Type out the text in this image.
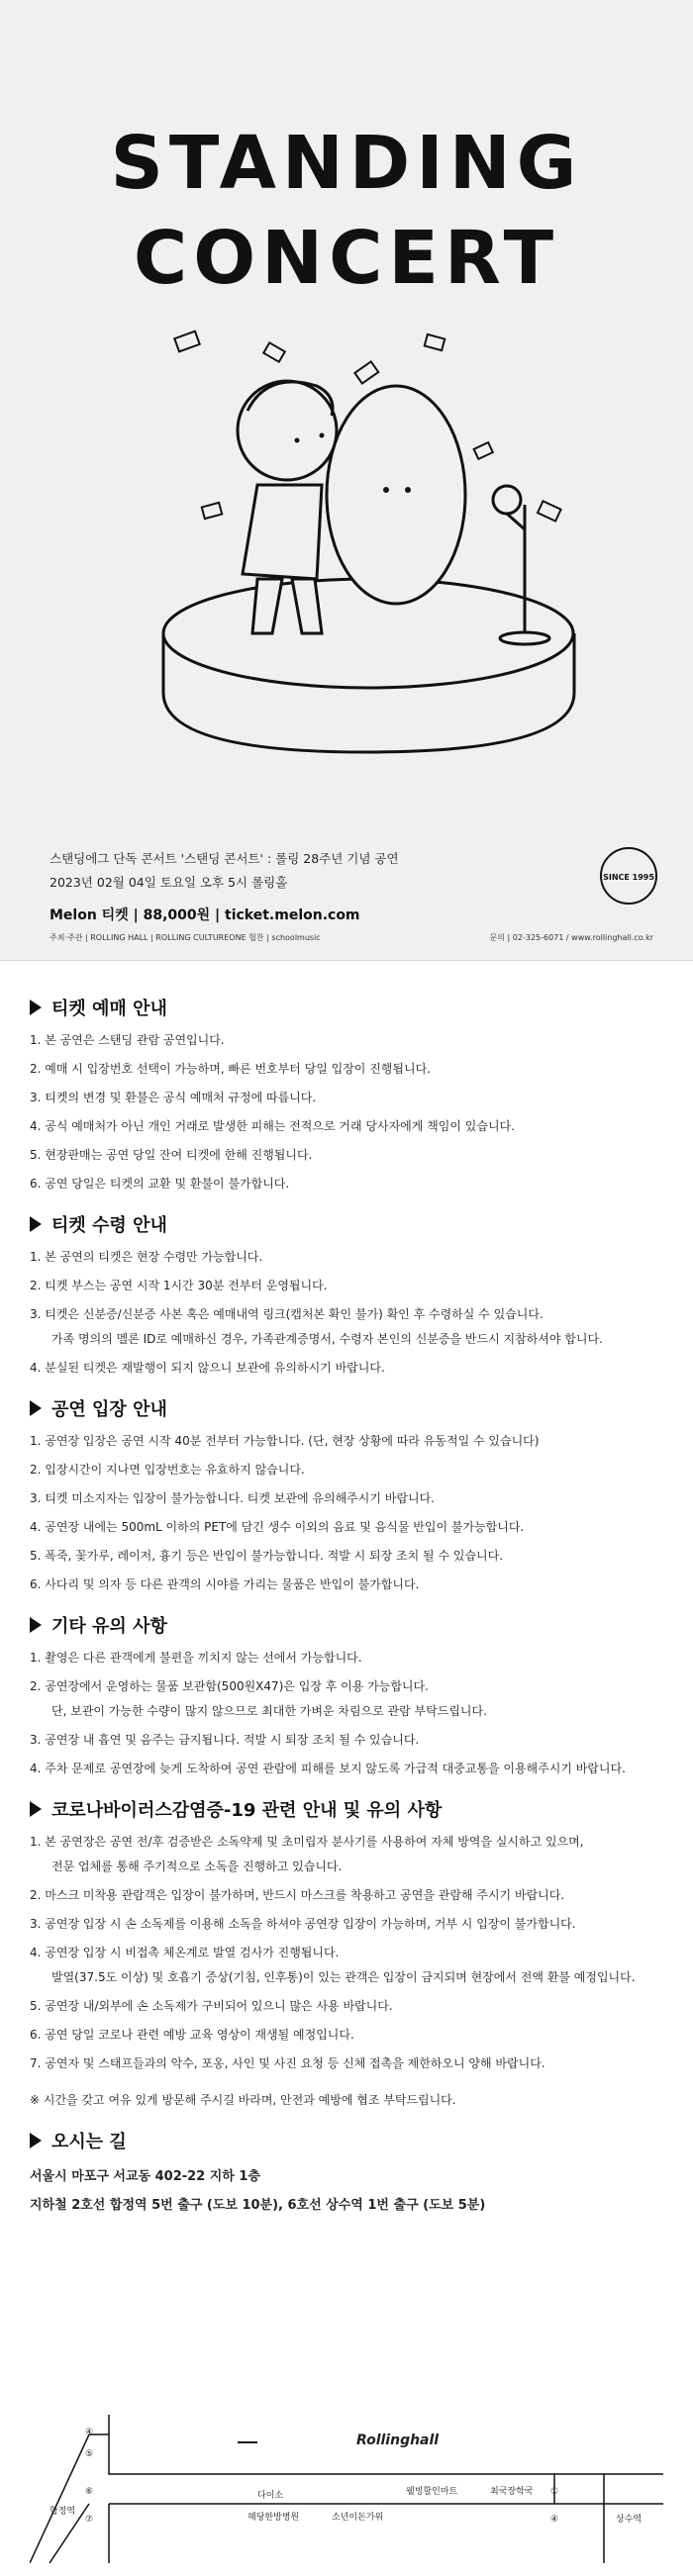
STANDING
CONCERT
스탠딩에그 단독 콘서트 '스탠딩 콘서트' : 롤링 28주년 기념 공연
2023년 02월 04일 토요일 오후 5시 롤링홀
Melon 티켓 | 88,000원 | ticket.melon.com
주최·주관 | ROLLING HALL | ROLLING CULTUREONE 협찬 | schoolmusic	문의 | 02-325-6071 / www.rollinghall.co.kr
SINCE 1995
티켓 예매 안내
1. 본 공연은 스탠딩 관람 공연입니다.
2. 예매 시 입장번호 선택이 가능하며, 빠른 번호부터 당일 입장이 진행됩니다.
3. 티켓의 변경 및 환불은 공식 예매처 규정에 따릅니다.
4. 공식 예매처가 아닌 개인 거래로 발생한 피해는 전적으로 거래 당사자에게 책임이 있습니다.
5. 현장판매는 공연 당일 잔여 티켓에 한해 진행됩니다.
6. 공연 당일은 티켓의 교환 및 환불이 불가합니다.
티켓 수령 안내
1. 본 공연의 티켓은 현장 수령만 가능합니다.
2. 티켓 부스는 공연 시작 1시간 30분 전부터 운영됩니다.
3. 티켓은 신분증/신분증 사본 혹은 예매내역 링크(캡처본 확인 불가) 확인 후 수령하실 수 있습니다.
가족 명의의 멜론 ID로 예매하신 경우, 가족관계증명서, 수령자 본인의 신분증을 반드시 지참하셔야 합니다.
4. 분실된 티켓은 재발행이 되지 않으니 보관에 유의하시기 바랍니다.
공연 입장 안내
1. 공연장 입장은 공연 시작 40분 전부터 가능합니다. (단, 현장 상황에 따라 유동적일 수 있습니다)
2. 입장시간이 지나면 입장번호는 유효하지 않습니다.
3. 티켓 미소지자는 입장이 불가능합니다. 티켓 보관에 유의해주시기 바랍니다.
4. 공연장 내에는 500mL 이하의 PET에 담긴 생수 이외의 음료 및 음식물 반입이 불가능합니다.
5. 폭죽, 꽃가루, 레이저, 흉기 등은 반입이 불가능합니다. 적발 시 퇴장 조치 될 수 있습니다.
6. 사다리 및 의자 등 다른 관객의 시야를 가리는 물품은 반입이 불가합니다.
기타 유의 사항
1. 촬영은 다른 관객에게 불편을 끼치지 않는 선에서 가능합니다.
2. 공연장에서 운영하는 물품 보관함(500원X47)은 입장 후 이용 가능합니다.
단, 보관이 가능한 수량이 많지 않으므로 최대한 가벼운 차림으로 관람 부탁드립니다.
3. 공연장 내 흡연 및 음주는 금지됩니다. 적발 시 퇴장 조치 될 수 있습니다.
4. 주차 문제로 공연장에 늦게 도착하여 공연 관람에 피해를 보지 않도록 가급적 대중교통을 이용해주시기 바랍니다.
코로나바이러스감염증-19 관련 안내 및 유의 사항
1. 본 공연장은 공연 전/후 검증받은 소독약제 및 초미립자 분사기를 사용하여 자체 방역을 실시하고 있으며,
전문 업체를 통해 주기적으로 소독을 진행하고 있습니다.
2. 마스크 미착용 관람객은 입장이 불가하며, 반드시 마스크를 착용하고 공연을 관람해 주시기 바랍니다.
3. 공연장 입장 시 손 소독제를 이용해 소독을 하셔야 공연장 입장이 가능하며, 거부 시 입장이 불가합니다.
4. 공연장 입장 시 비접촉 체온계로 발열 검사가 진행됩니다.
발열(37.5도 이상) 및 호흡기 증상(기침, 인후통)이 있는 관객은 입장이 금지되며 현장에서 전액 환불 예정입니다.
5. 공연장 내/외부에 손 소독제가 구비되어 있으니 많은 사용 바랍니다.
6. 공연 당일 코로나 관련 예방 교육 영상이 재생될 예정입니다.
7. 공연자 및 스태프들과의 악수, 포옹, 사인 및 사진 요청 등 신체 접촉을 제한하오니 양해 바랍니다.
※ 시간을 갖고 여유 있게 방문해 주시길 바라며, 안전과 예방에 협조 부탁드립니다.
오시는 길
서울시 마포구 서교동 402-22 지하 1층
지하철 2호선 합정역 5번 출구 (도보 10분), 6호선 상수역 1번 출구 (도보 5분)
④
⑤
⑥
⑦
합정역
Rollinghall
다이소
혜당한방병원	소년이돈가위
웰빙할인마트	최국장학국 ①
④	상수역
